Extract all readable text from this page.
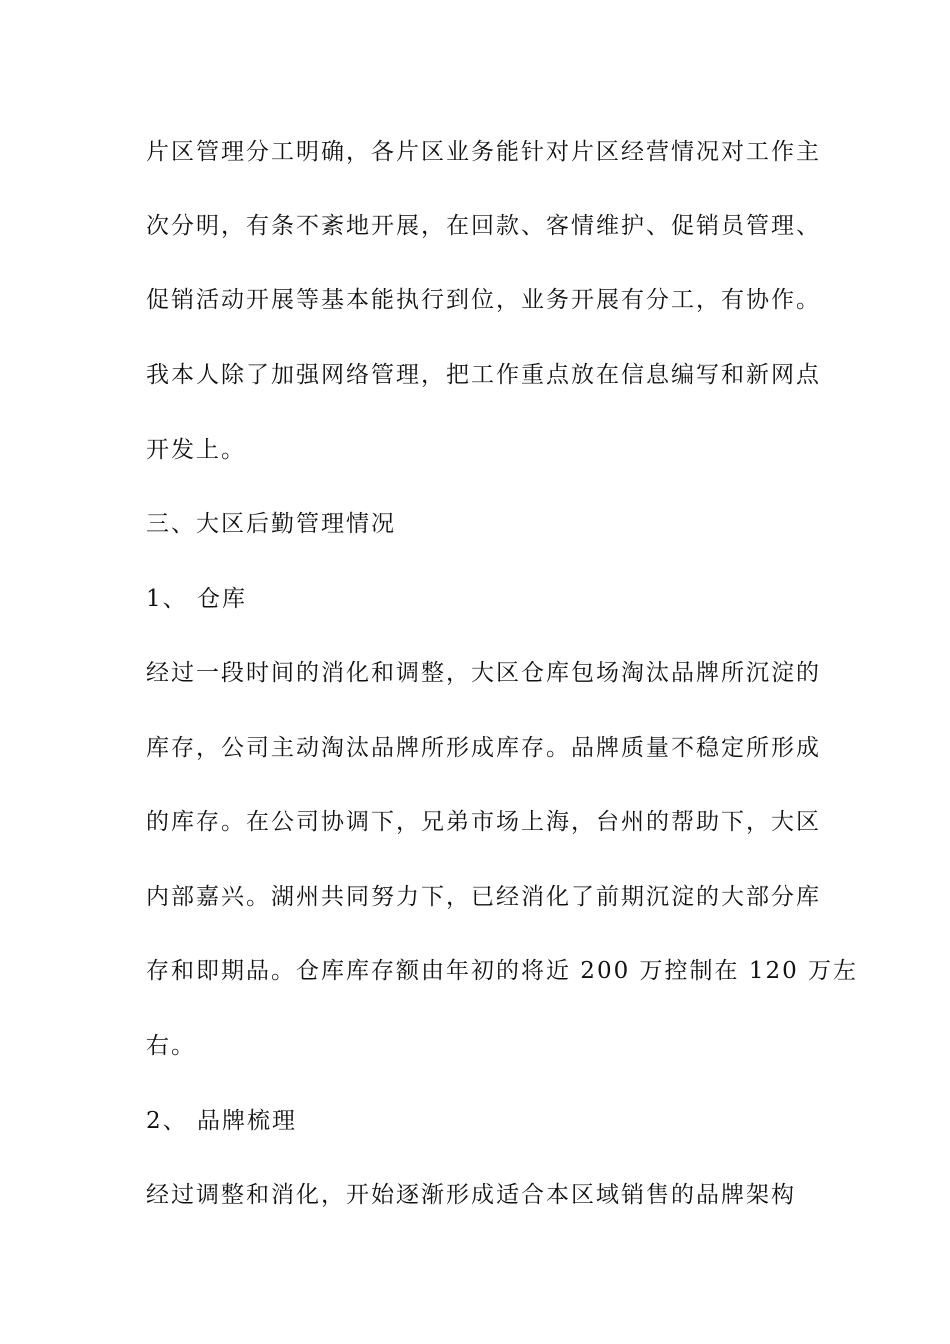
片区管理分工明确，各片区业务能针对片区经营情况对工作主
次分明，有条不紊地开展，在回款、客情维护、促销员管理、
促销活动开展等基本能执行到位，业务开展有分工，有协作。
我本人除了加强网络管理，把工作重点放在信息编写和新网点
开发上。
三、大区后勤管理情况
1、 仓库
经过一段时间的消化和调整，大区仓库包场淘汰品牌所沉淀的
库存，公司主动淘汰品牌所形成库存。品牌质量不稳定所形成
的库存。在公司协调下，兄弟市场上海，台州的帮助下，大区
内部嘉兴。湖州共同努力下，已经消化了前期沉淀的大部分库
存和即期品。仓库库存额由年初的将近 200 万控制在 120 万左
右。
2、 品牌梳理
经过调整和消化，开始逐渐形成适合本区域销售的品牌架构
